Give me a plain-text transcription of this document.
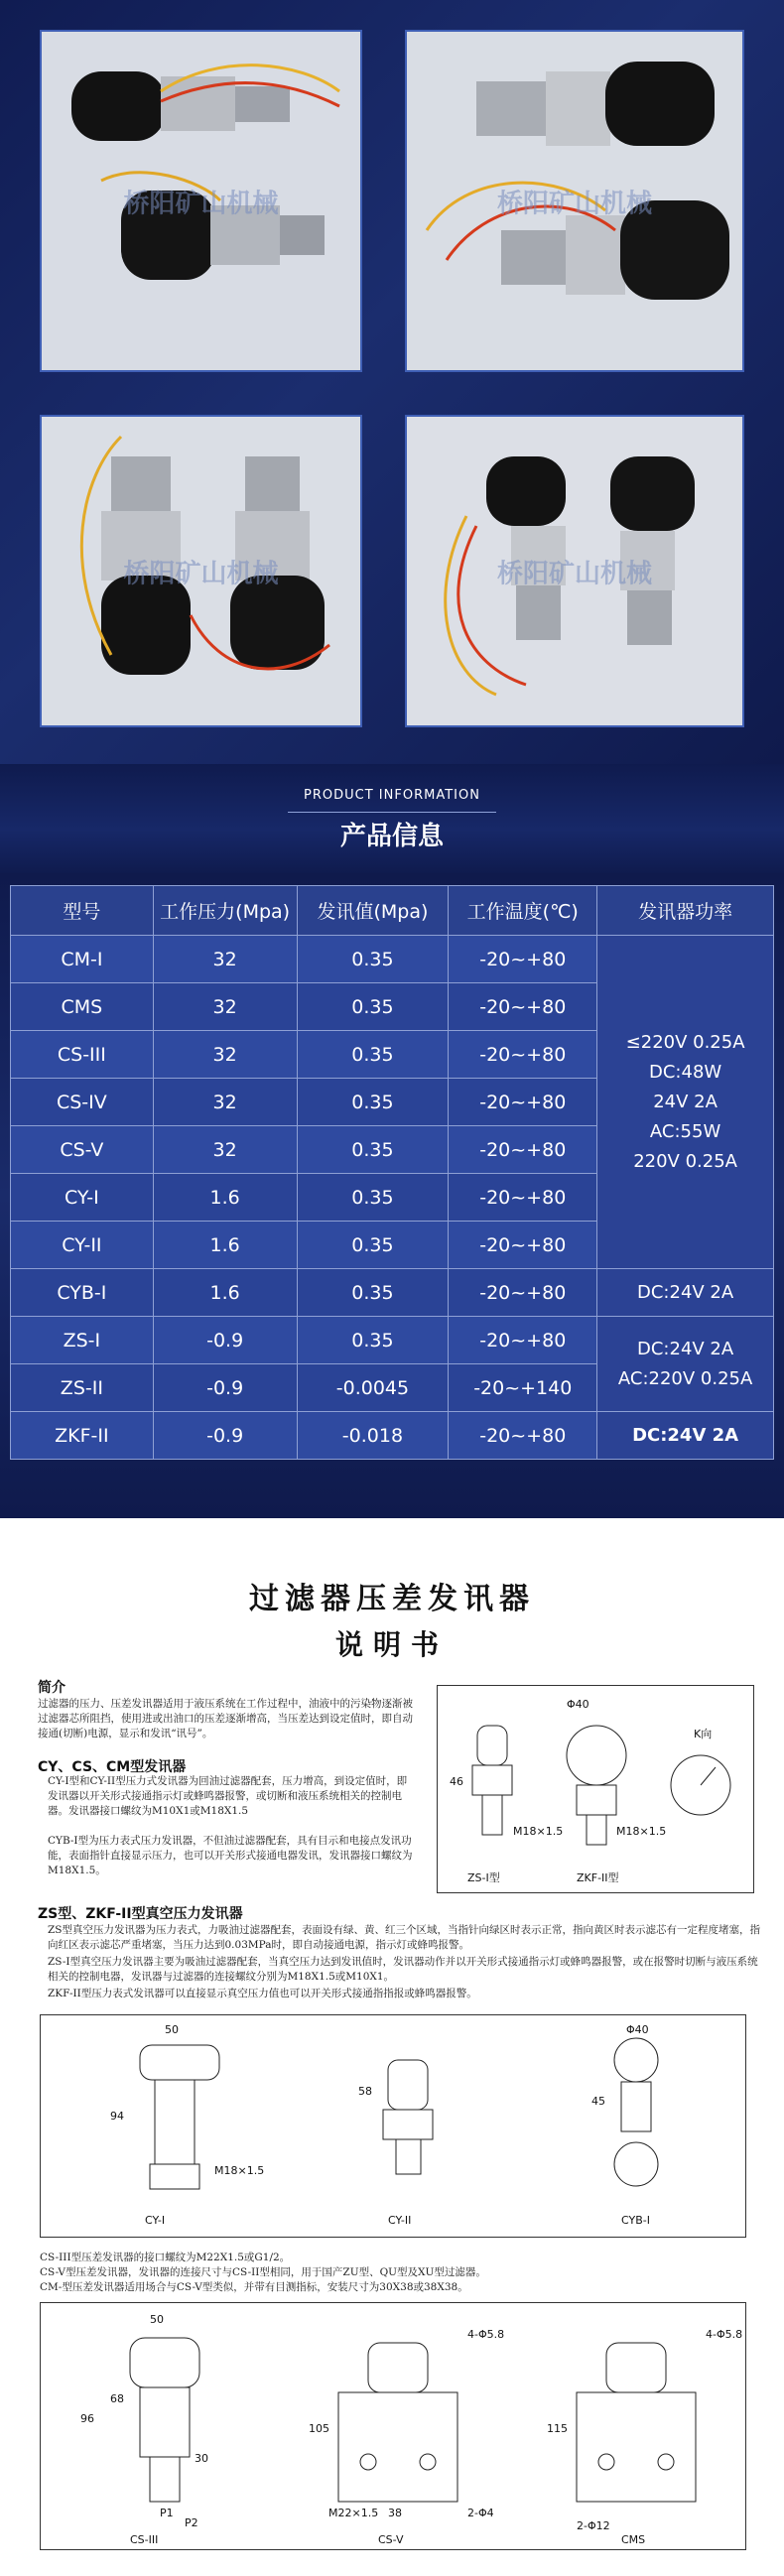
桥阳矿山机械	桥阳矿山机械
桥阳矿山机械	桥阳矿山机械
PRODUCT INFORMATION
产品信息
型号	工作压力(Mpa)	发讯值(Mpa)	工作温度(℃)	发讯器功率
CM-I	32	0.35	-20~+80	≤220V 0.25A
DC:48W
24V 2A
AC:55W
220V 0.25A

CMS	32	0.35	-20~+80	
CS-III	32	0.35	-20~+80	
CS-IV	32	0.35	-20~+80	
CS-V	32	0.35	-20~+80	
CY-I	1.6	0.35	-20~+80	
CY-II	1.6	0.35	-20~+80	
CYB-I	1.6	0.35	-20~+80	DC:24V 2A
ZS-I	-0.9	0.35	-20~+80	DC:24V 2A
AC:220V 0.25A

ZS-II	-0.9	-0.0045	-20~+140	
ZKF-II	-0.9	-0.018	-20~+80	DC:24V 2A
过滤器压差发讯器
说明书
简介

过滤器的压力、压差发讯器适用于液压系统在工作过程中，油液中的污染物逐渐被过滤器芯所阻挡，使用进或出油口的压差逐渐增高，当压差达到设定值时，即自动接通(切断)电源，显示和发讯“讯号”。

CY、CS、CM型发讯器

CY-I型和CY-II型压力式发讯器为回油过滤器配套，压力增高，到设定值时，即发讯器以开关形式接通指示灯或蜂鸣器报警，或切断和液压系统相关的控制电器。发讯器接口螺纹为M10X1或M18X1.5

CYB-I型为压力表式压力发讯器，不但油过滤器配套，具有目示和电接点发讯功能，表面指针直接显示压力，也可以开关形式接通电器发讯，发讯器接口螺纹为M18X1.5。

Φ40
K向
46
M18×1.5	M18×1.5
ZS-I型	ZKF-II型
ZS型、ZKF-II型真空压力发讯器

ZS型真空压力发讯器为压力表式，力吸油过滤器配套，表面设有绿、黄、红三个区域，当指针向绿区时表示正常，指向黄区时表示滤芯有一定程度堵塞，指向红区表示滤芯严重堵塞，当压力达到0.03MPa时，即自动接通电源，指示灯或蜂鸣报警。

ZS-I型真空压力发讯器主要为吸油过滤器配套，当真空压力达到发讯值时，发讯器动作并以开关形式接通指示灯或蜂鸣器报警，或在报警时切断与液压系统相关的控制电器，发讯器与过滤器的连接螺纹分别为M18X1.5或M10X1。

ZKF-II型压力表式发讯器可以直接显示真空压力值也可以开关形式接通指指报或蜂鸣器报警。

50
94
M18×1.5
58
Φ40
45
CY-I	CY-II	CYB-I

CS-III型压差发讯器的接口螺纹为M22X1.5或G1/2。

CS-V型压差发讯器，发讯器的连接尺寸与CS-II型相同，用于国产ZU型、QU型及XU型过滤器。

CM-型压差发讯器适用场合与CS-V型类似，并带有目测指标，安装尺寸为30X38或38X38。

50
96
68
30
P1
P2
105
4-Φ5.8
38
M22×1.5	2-Φ4
115
4-Φ5.8
2-Φ12
CS-III	CS-V	CMS
